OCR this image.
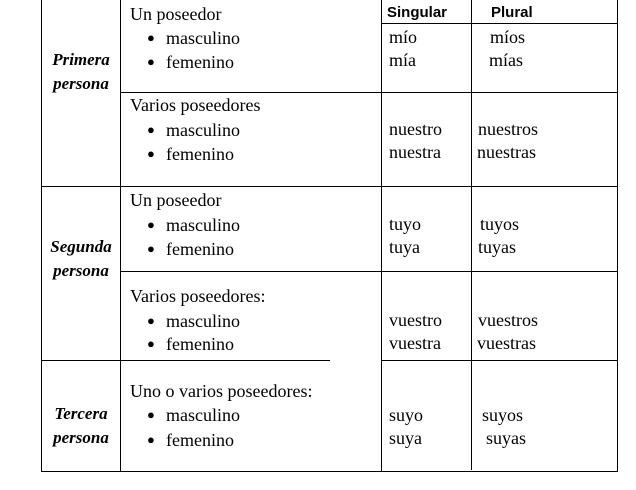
Singular	Plural
Primera
persona
Un poseedor
● masculino
● femenino
mío
mía
míos
mías
Varios poseedores
● masculino
● femenino
nuestro
nuestra
nuestros
nuestras
Segunda
persona
Un poseedor
● masculino
● femenino
tuyo
tuya
tuyos
tuyas
Varios poseedores:
● masculino
● femenino
vuestro
vuestra
vuestros
vuestras
Tercera
persona
Uno o varios poseedores:
● masculino
● femenino
suyo
suya
suyos
suyas
